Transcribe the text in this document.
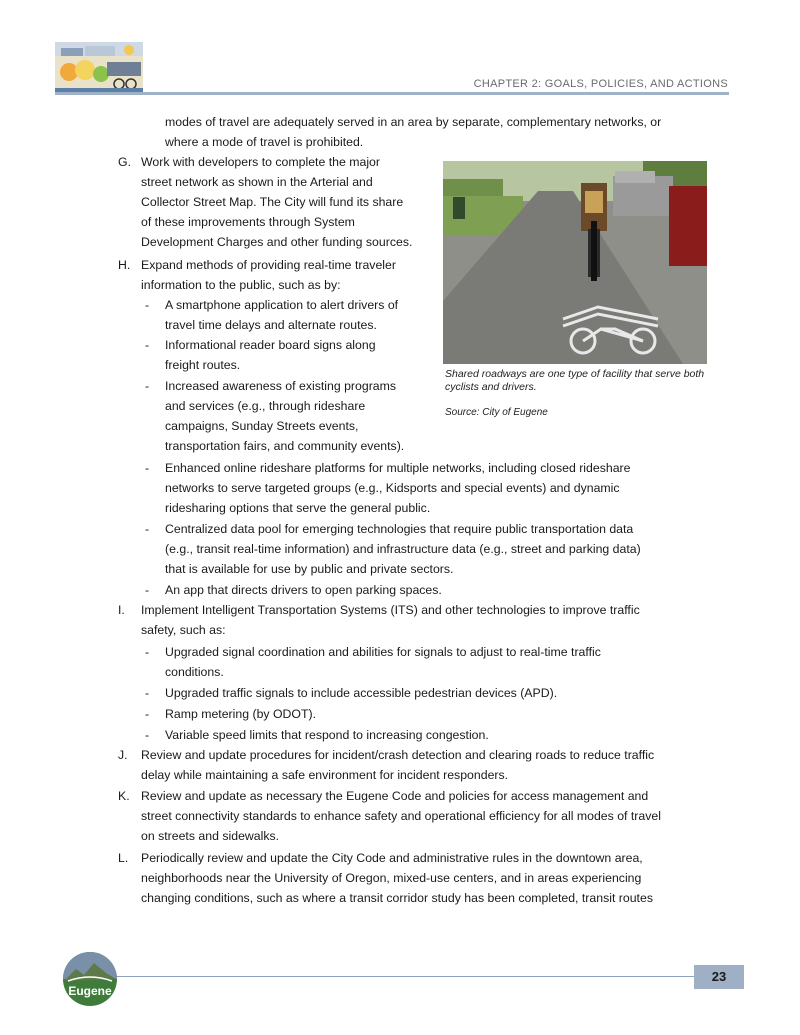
CHAPTER 2: GOALS, POLICIES, AND ACTIONS
modes of travel are adequately served in an area by separate, complementary networks, or
where a mode of travel is prohibited.
G. Work with developers to complete the major
street network as shown in the Arterial and
Collector Street Map. The City will fund its share
of these improvements through System
Development Charges and other funding sources.
H. Expand methods of providing real-time traveler
information to the public, such as by:
- A smartphone application to alert drivers of
travel time delays and alternate routes.
- Informational reader board signs along
freight routes.
- Increased awareness of existing programs
and services (e.g., through rideshare
campaigns, Sunday Streets events,
transportation fairs, and community events).
- Enhanced online rideshare platforms for multiple networks, including closed rideshare
networks to serve targeted groups (e.g., Kidsports and special events) and dynamic
ridesharing options that serve the general public.
- Centralized data pool for emerging technologies that require public transportation data
(e.g., transit real-time information) and infrastructure data (e.g., street and parking data)
that is available for use by public and private sectors.
- An app that directs drivers to open parking spaces.
I. Implement Intelligent Transportation Systems (ITS) and other technologies to improve traffic
safety, such as:
- Upgraded signal coordination and abilities for signals to adjust to real-time traffic
conditions.
- Upgraded traffic signals to include accessible pedestrian devices (APD).
- Ramp metering (by ODOT).
- Variable speed limits that respond to increasing congestion.
J. Review and update procedures for incident/crash detection and clearing roads to reduce traffic
delay while maintaining a safe environment for incident responders.
K. Review and update as necessary the Eugene Code and policies for access management and
street connectivity standards to enhance safety and operational efficiency for all modes of travel
on streets and sidewalks.
L. Periodically review and update the City Code and administrative rules in the downtown area,
neighborhoods near the University of Oregon, mixed-use centers, and in areas experiencing
changing conditions, such as where a transit corridor study has been completed, transit routes
Shared roadways are one type of facility that serve both cyclists and drivers.
Source: City of Eugene
Eugene
23
